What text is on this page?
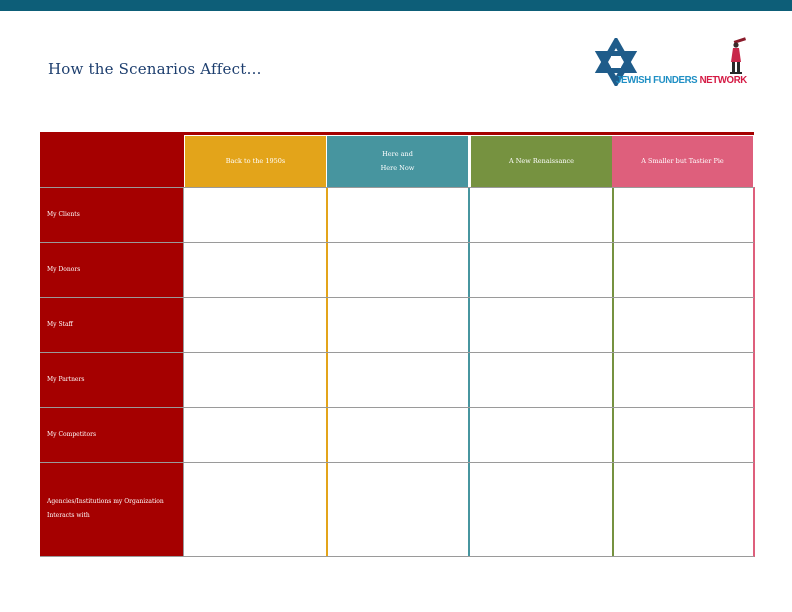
How the Scenarios Affect…
JEWISH FUNDERS NETWORK
Back to the 1950s
Here and
Here Now
A New Renaissance	A Smaller but Tastier Pie
My Clients
My Donors
My Staff
My Partners
My Competitors
Agencies/Institutions my Organization Interacts with
